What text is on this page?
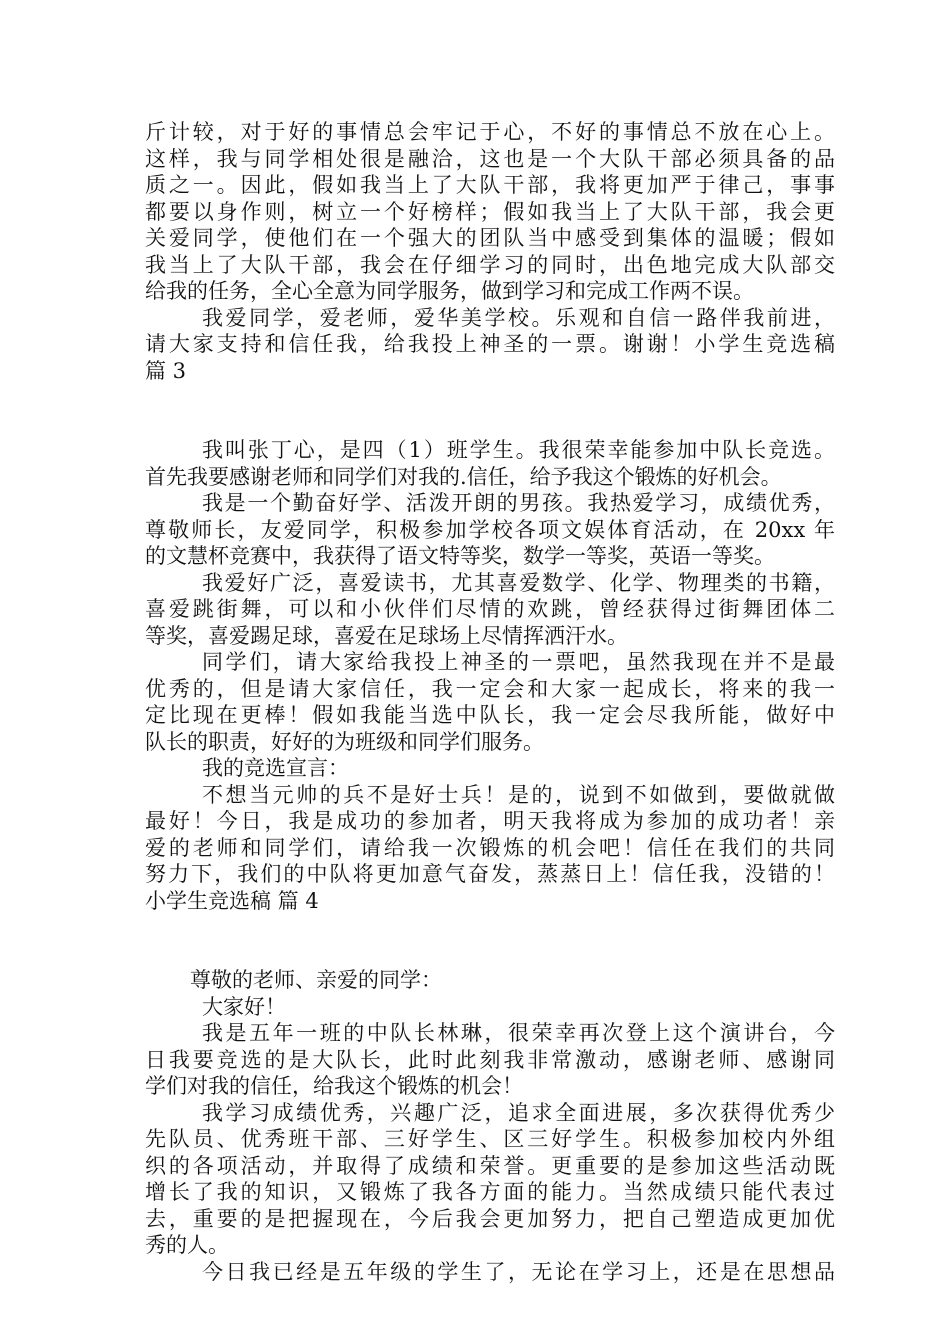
斤计较，对于好的事情总会牢记于心，不好的事情总不放在心上。
这样，我与同学相处很是融洽，这也是一个大队干部必须具备的品
质之一。因此，假如我当上了大队干部，我将更加严于律己，事事
都要以身作则，树立一个好榜样；假如我当上了大队干部，我会更
关爱同学，使他们在一个强大的团队当中感受到集体的温暖；假如
我当上了大队干部，我会在仔细学习的同时，出色地完成大队部交
给我的任务，全心全意为同学服务，做到学习和完成工作两不误。
我爱同学，爱老师，爱华美学校。乐观和自信一路伴我前进，
请大家支持和信任我，给我投上神圣的一票。谢谢！小学生竞选稿
篇 3
我叫张丁心，是四（1）班学生。我很荣幸能参加中队长竞选。
首先我要感谢老师和同学们对我的.信任，给予我这个锻炼的好机会。
我是一个勤奋好学、活泼开朗的男孩。我热爱学习，成绩优秀，
尊敬师长，友爱同学，积极参加学校各项文娱体育活动，在 20xx 年
的文慧杯竞赛中，我获得了语文特等奖，数学一等奖，英语一等奖。
我爱好广泛，喜爱读书，尤其喜爱数学、化学、物理类的书籍，
喜爱跳街舞，可以和小伙伴们尽情的欢跳，曾经获得过街舞团体二
等奖，喜爱踢足球，喜爱在足球场上尽情挥洒汗水。
同学们，请大家给我投上神圣的一票吧，虽然我现在并不是最
优秀的，但是请大家信任，我一定会和大家一起成长，将来的我一
定比现在更棒！假如我能当选中队长，我一定会尽我所能，做好中
队长的职责，好好的为班级和同学们服务。
我的竞选宣言：
不想当元帅的兵不是好士兵！是的，说到不如做到，要做就做
最好！今日，我是成功的参加者，明天我将成为参加的成功者！亲
爱的老师和同学们，请给我一次锻炼的机会吧！信任在我们的共同
努力下，我们的中队将更加意气奋发，蒸蒸日上！信任我，没错的！
小学生竞选稿 篇 4
尊敬的老师、亲爱的同学：
大家好！
我是五年一班的中队长林琳，很荣幸再次登上这个演讲台，今
日我要竞选的是大队长，此时此刻我非常激动，感谢老师、感谢同
学们对我的信任，给我这个锻炼的机会！
我学习成绩优秀，兴趣广泛，追求全面进展，多次获得优秀少
先队员、优秀班干部、三好学生、区三好学生。积极参加校内外组
织的各项活动，并取得了成绩和荣誉。更重要的是参加这些活动既
增长了我的知识，又锻炼了我各方面的能力。当然成绩只能代表过
去，重要的是把握现在，今后我会更加努力，把自己塑造成更加优
秀的人。
今日我已经是五年级的学生了，无论在学习上，还是在思想品
